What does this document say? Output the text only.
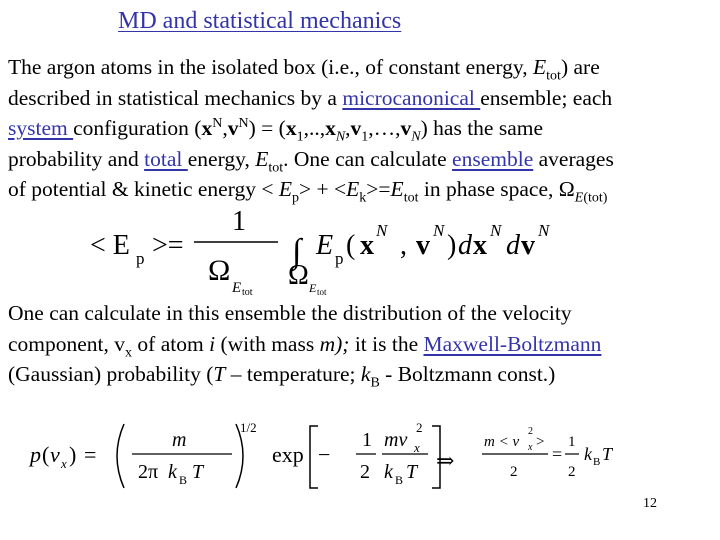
MD and statistical mechanics
The argon atoms in the isolated box (i.e., of constant energy, $E_{tot}$) are
described in statistical mechanics by a microcanonical ensemble; each
system configuration $(x^N,v^N)$ = $(x_1,..,x_N,v_1,\dots,v_N)$ has the same
probability and total energy, $E_{tot}$. One can calculate ensemble averages
of potential & kinetic energy < $E_p> + <E_k>=E_{tot}$ in phase space, $\Omega_{E(tot)}$
< E p >=
1
Ω
E tot
∫
Ω E tot
E p ( x N , v N ) d x N d v N
One can calculate in this ensemble the distribution of the velocity
component, $v_x$ of atom i (with mass m); it is the Maxwell-Boltzmann
(Gaussian) probability (T – temperature; $k_B$ - Boltzmann const.)
p ( v x ) =
m
2π k B T
1/2
exp −
1
2
mv
2
x
k B T ⇒
m < v
2
x >
2
=
1
2
k B T
12
